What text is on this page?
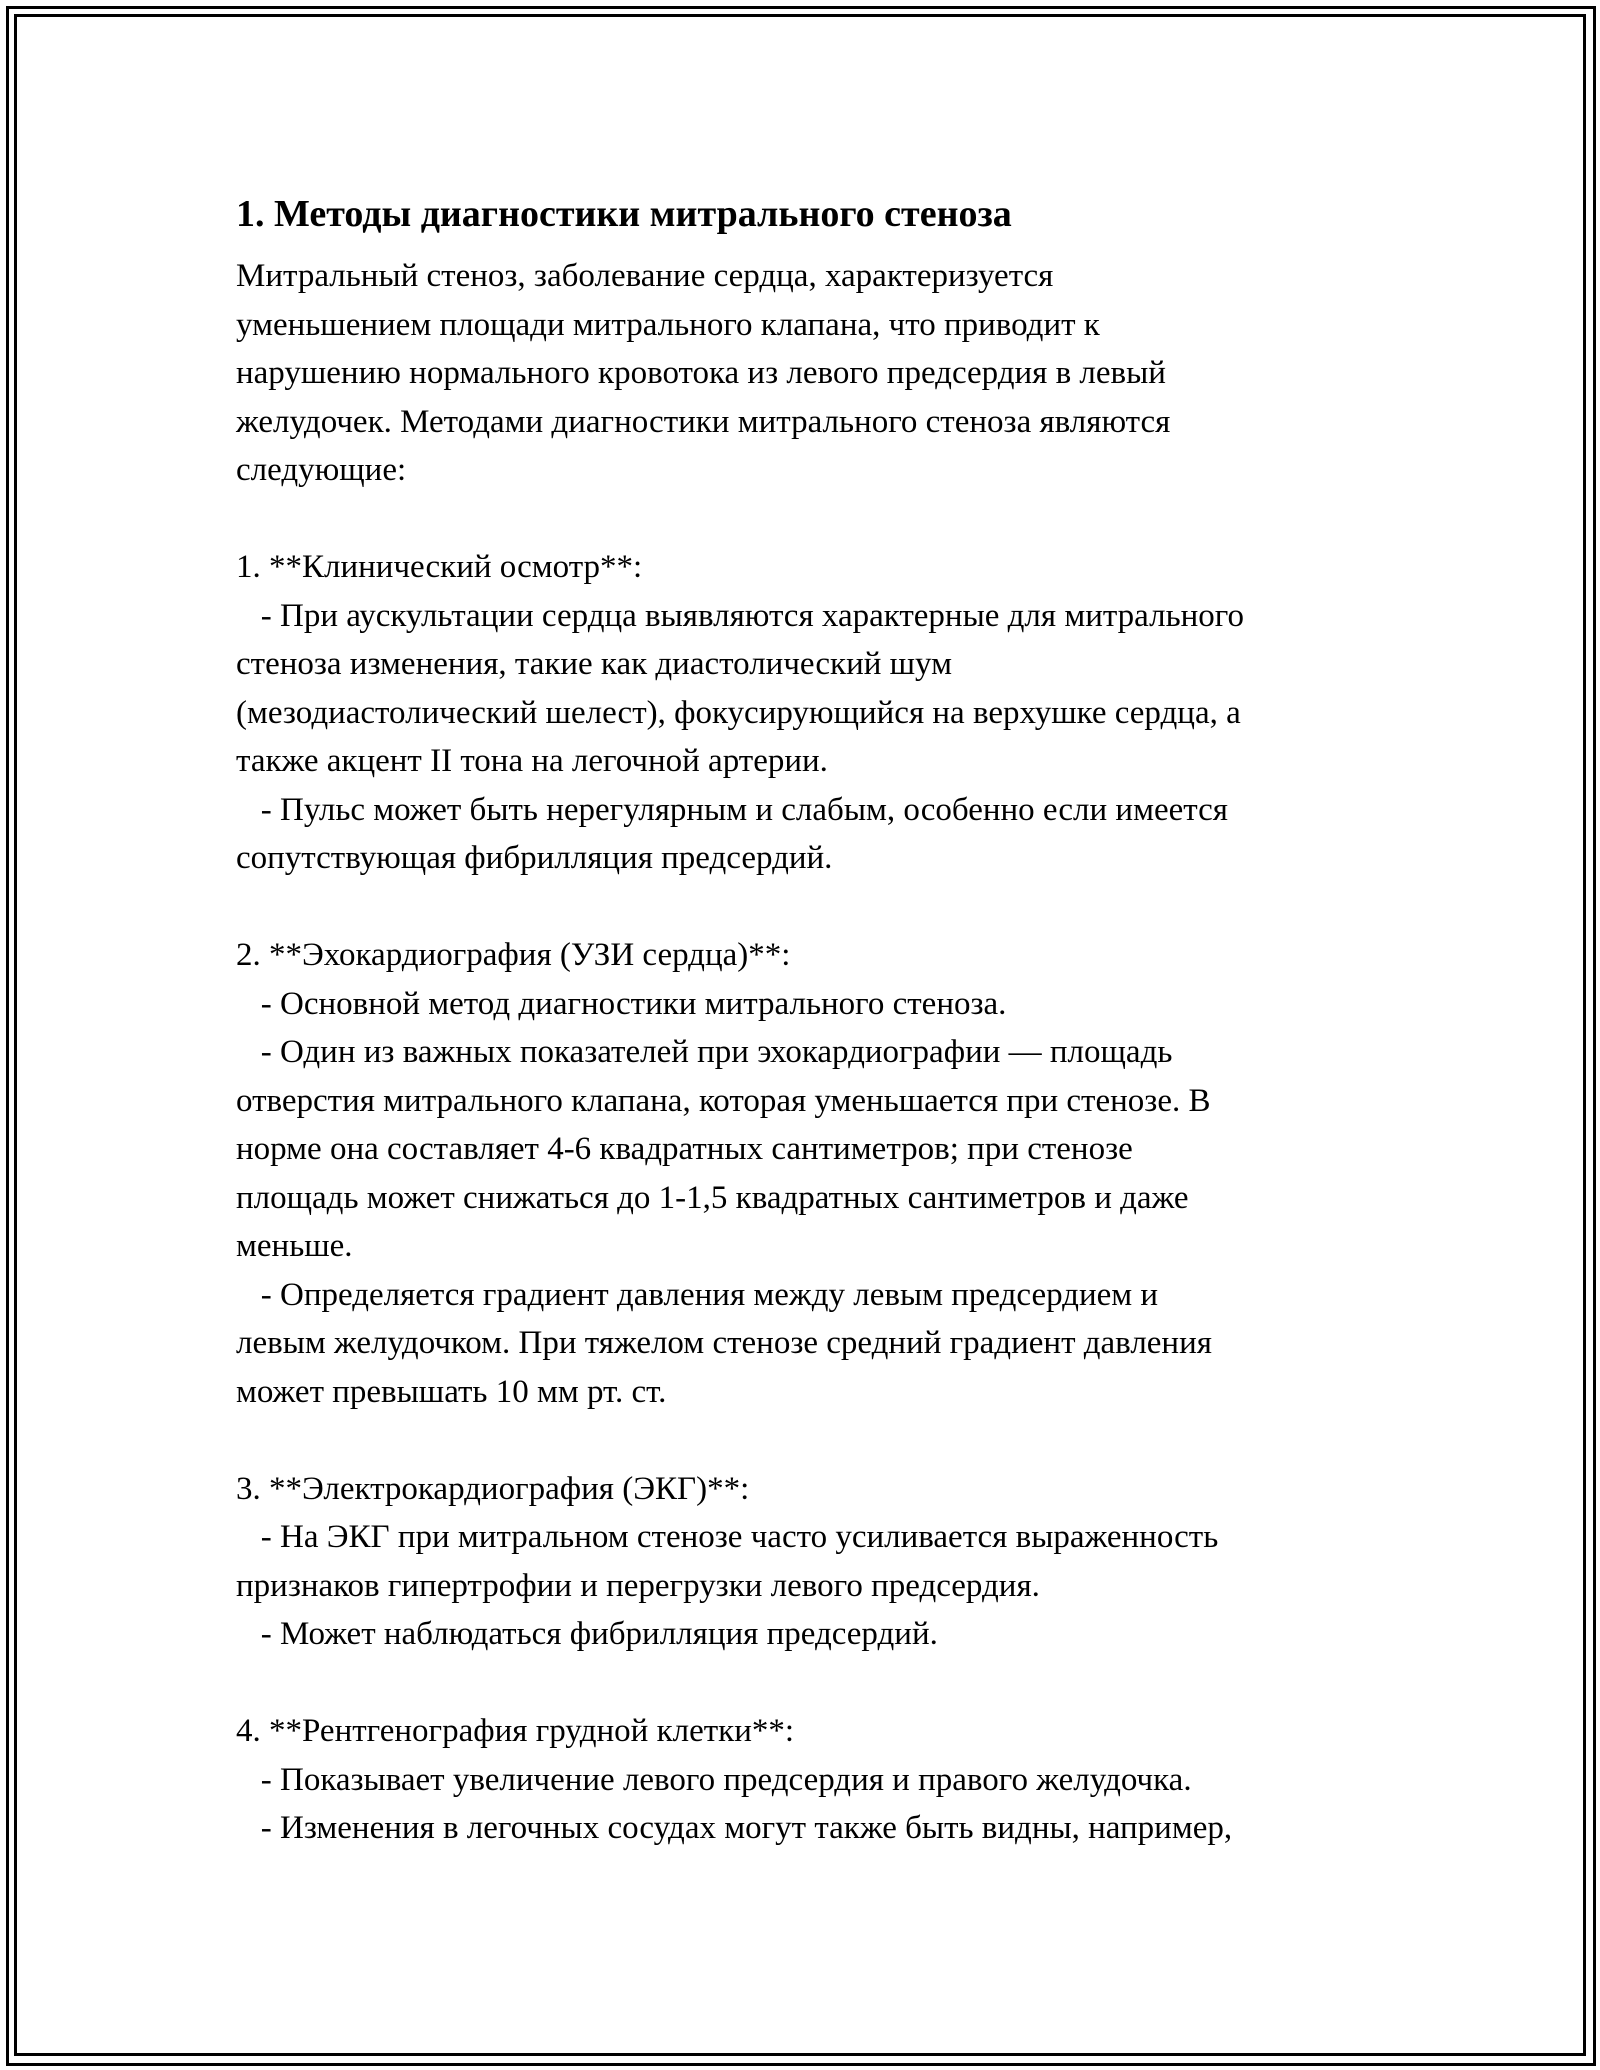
1. Методы диагностики митрального стеноза
Митральный стеноз, заболевание сердца, характеризуется
уменьшением площади митрального клапана, что приводит к
нарушению нормального кровотока из левого предсердия в левый
желудочек. Методами диагностики митрального стеноза являются
следующие:

1. **Клинический осмотр**:
- При аускультации сердца выявляются характерные для митрального
стеноза изменения, такие как диастолический шум
(мезодиастолический шелест), фокусирующийся на верхушке сердца, а
также акцент II тона на легочной артерии.
- Пульс может быть нерегулярным и слабым, особенно если имеется
сопутствующая фибрилляция предсердий.

2. **Эхокардиография (УЗИ сердца)**:
- Основной метод диагностики митрального стеноза.
- Один из важных показателей при эхокардиографии — площадь
отверстия митрального клапана, которая уменьшается при стенозе. В
норме она составляет 4-6 квадратных сантиметров; при стенозе
площадь может снижаться до 1-1,5 квадратных сантиметров и даже
меньше.
- Определяется градиент давления между левым предсердием и
левым желудочком. При тяжелом стенозе средний градиент давления
может превышать 10 мм рт. ст.

3. **Электрокардиография (ЭКГ)**:
- На ЭКГ при митральном стенозе часто усиливается выраженность
признаков гипертрофии и перегрузки левого предсердия.
- Может наблюдаться фибрилляция предсердий.

4. **Рентгенография грудной клетки**:
- Показывает увеличение левого предсердия и правого желудочка.
- Изменения в легочных сосудах могут также быть видны, например,
